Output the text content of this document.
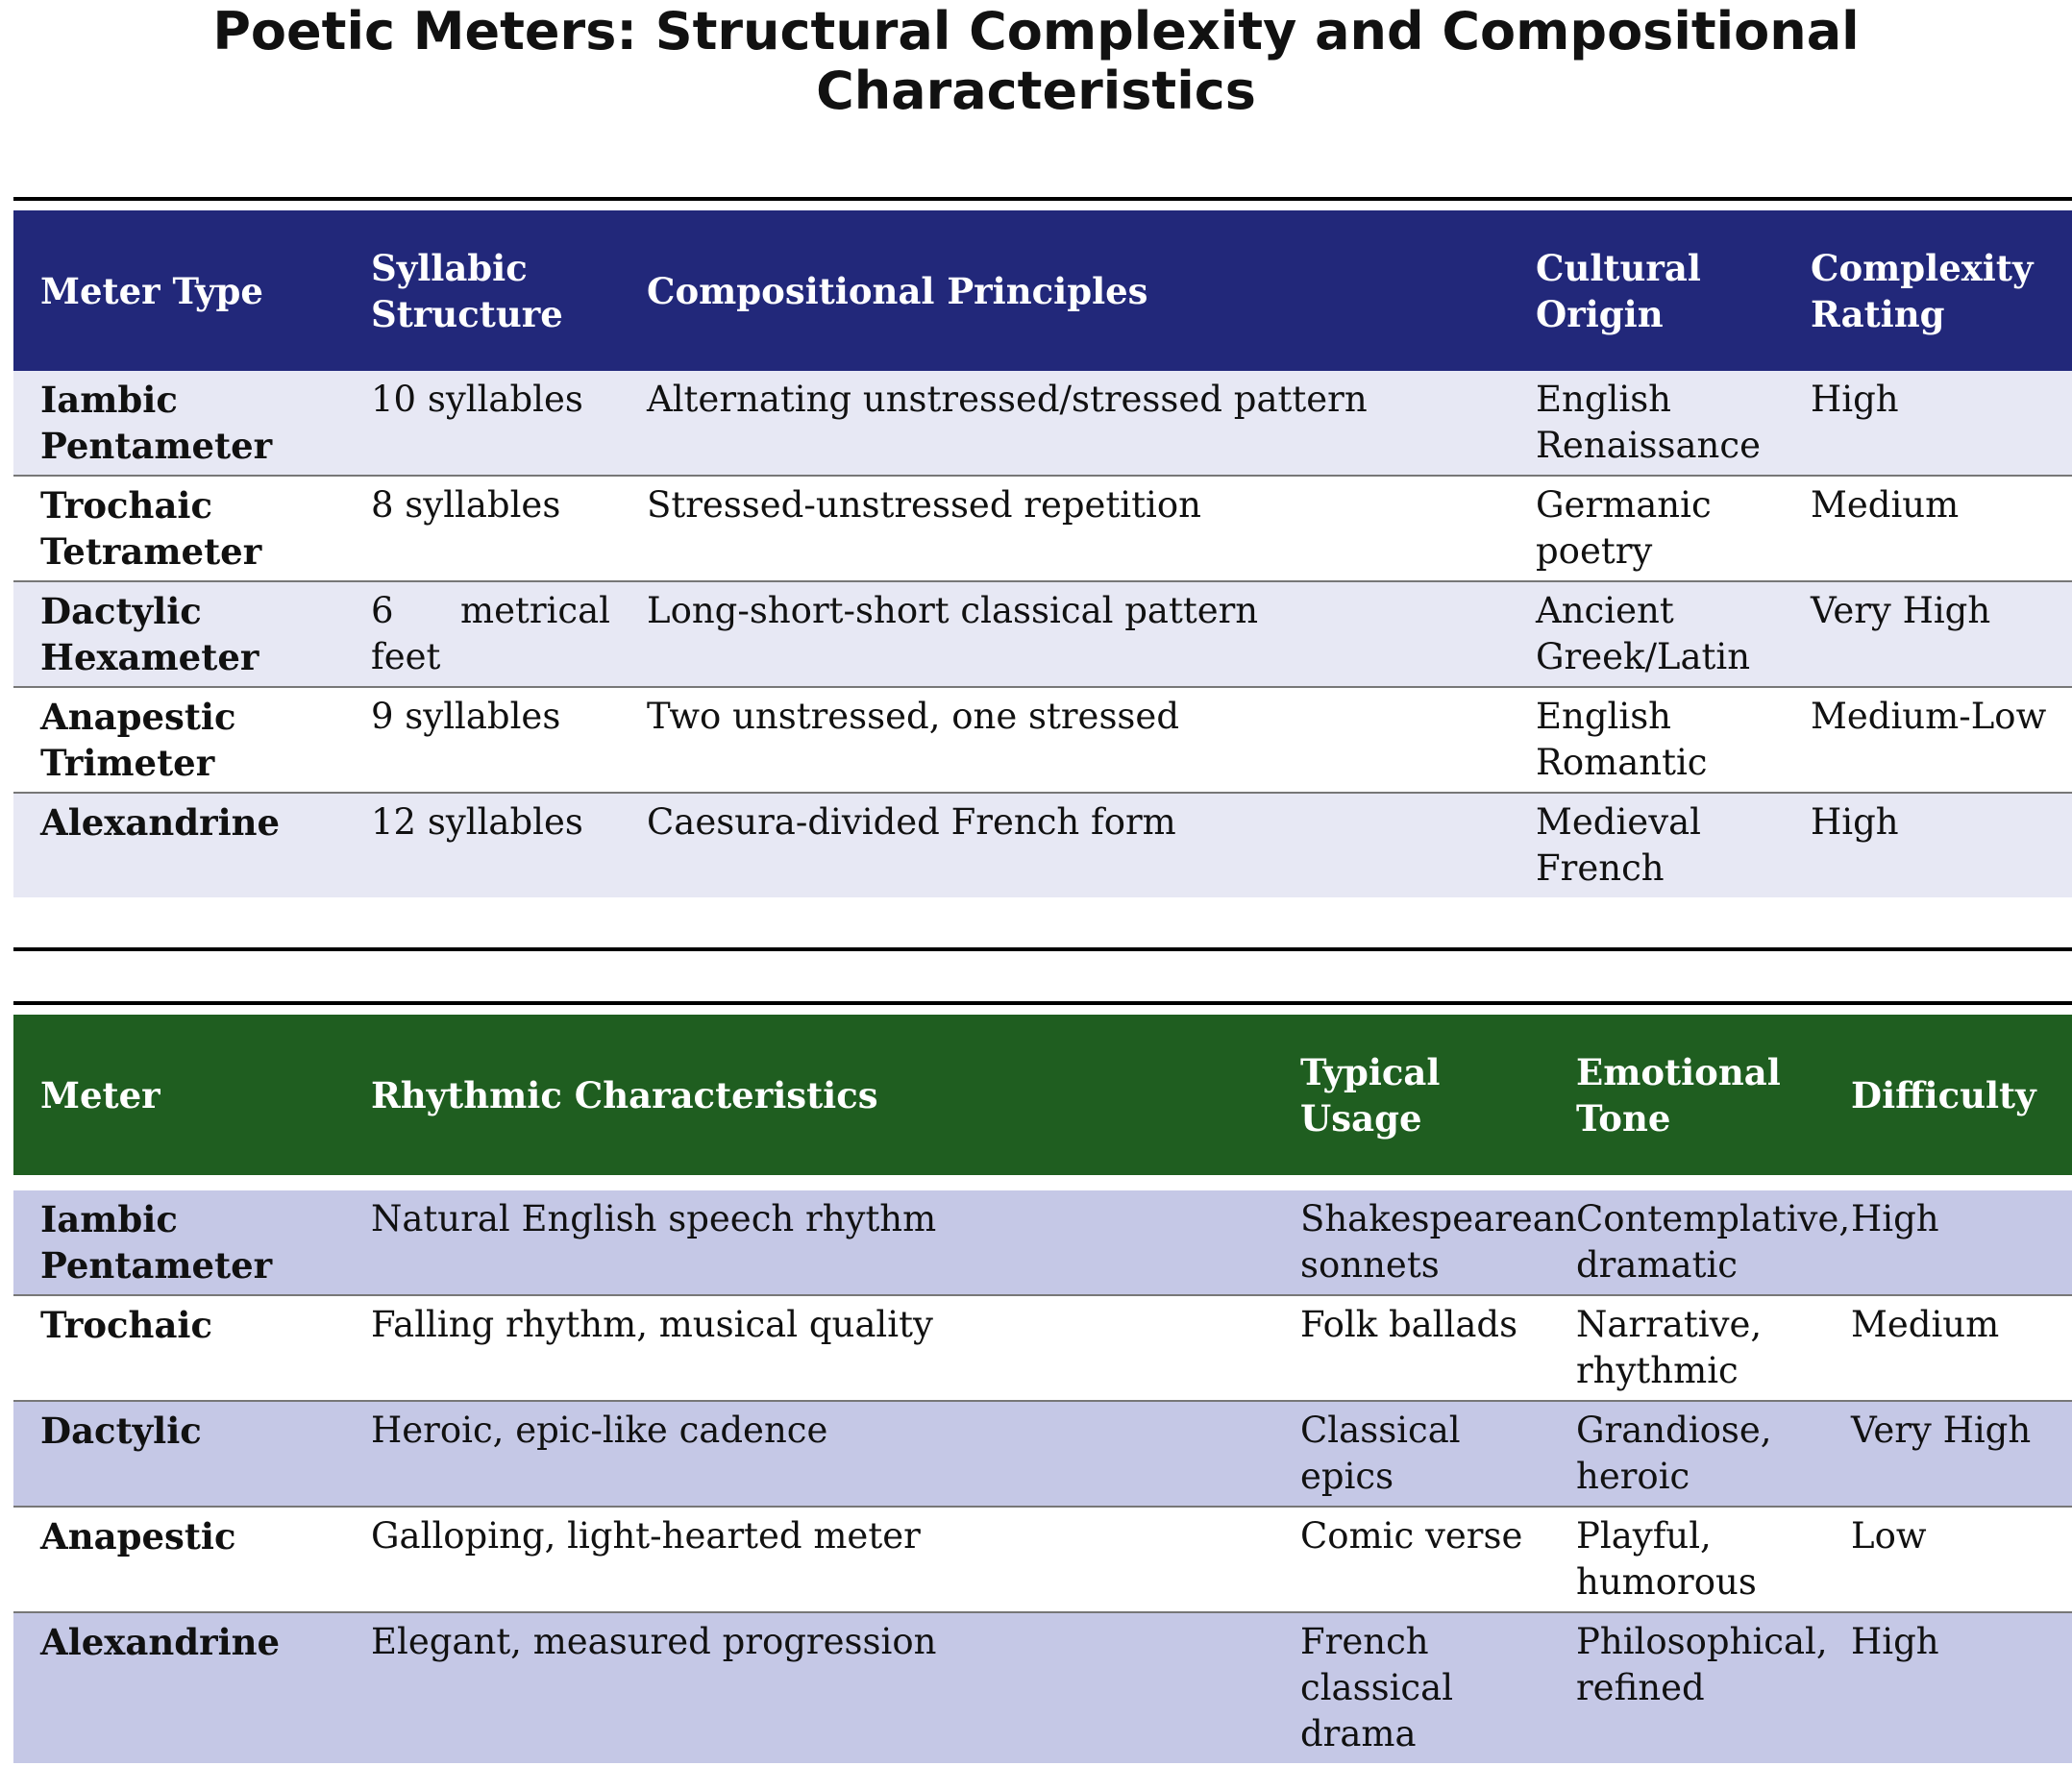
Poetic Meters: Structural Complexity and Compositional
Characteristics
Meter Type	Syllabic Structure	Compositional Principles	Cultural Origin	Complexity Rating
Iambic Pentameter	10 syllables	Alternating unstressed/stressed pattern	English Renaissance	High
Trochaic Tetrameter	8 syllables	Stressed-unstressed repetition	Germanic poetry	Medium
Dactylic Hexameter	6 metrical feet	Long-short-short classical pattern	Ancient Greek/Latin	Very High
Anapestic Trimeter	9 syllables	Two unstressed, one stressed	English Romantic	Medium-Low
Alexandrine	12 syllables	Caesura-divided French form	Medieval French	High
Meter	Rhythmic Characteristics	Typical Usage	Emotional Tone	Difficulty

Iambic Pentameter	Natural English speech rhythm	Shakespearean sonnets	Contemplative, dramatic	High
Trochaic	Falling rhythm, musical quality	Folk ballads	Narrative, rhythmic	Medium
Dactylic	Heroic, epic-like cadence	Classical epics	Grandiose, heroic	Very High
Anapestic	Galloping, light-hearted meter	Comic verse	Playful, humorous	Low
Alexandrine	Elegant, measured progression	French classical drama	Philosophical, refined	High
